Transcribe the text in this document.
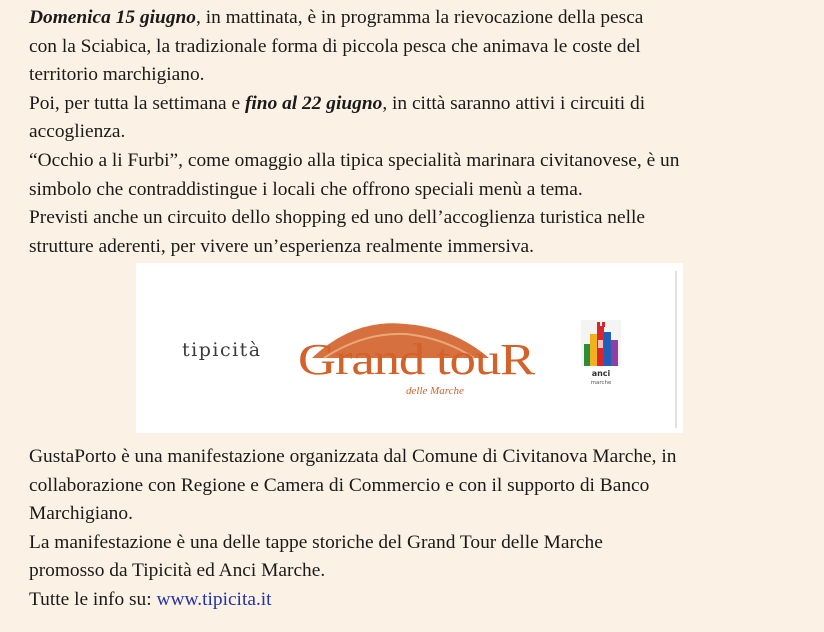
Domenica 15 giugno, in mattinata, è in programma la rievocazione della pesca
con la Sciabica, la tradizionale forma di piccola pesca che animava le coste del
territorio marchigiano.

Poi, per tutta la settimana e fino al 22 giugno, in città saranno attivi i circuiti di
accoglienza.

“Occhio a li Furbi”, come omaggio alla tipica specialità marinara civitanovese, è un
simbolo che contraddistingue i locali che offrono speciali menù a tema.

Previsti anche un circuito dello shopping ed uno dell’accoglienza turistica nelle
strutture aderenti, per vivere un’esperienza realmente immersiva.

tipicità Grand touR
delle Marche
anci
marche

GustaPorto è una manifestazione organizzata dal Comune di Civitanova Marche, in
collaborazione con Regione e Camera di Commercio e con il supporto di Banco
Marchigiano.

La manifestazione è una delle tappe storiche del Grand Tour delle Marche
promosso da Tipicità ed Anci Marche.

Tutte le info su: www.tipicita.it
